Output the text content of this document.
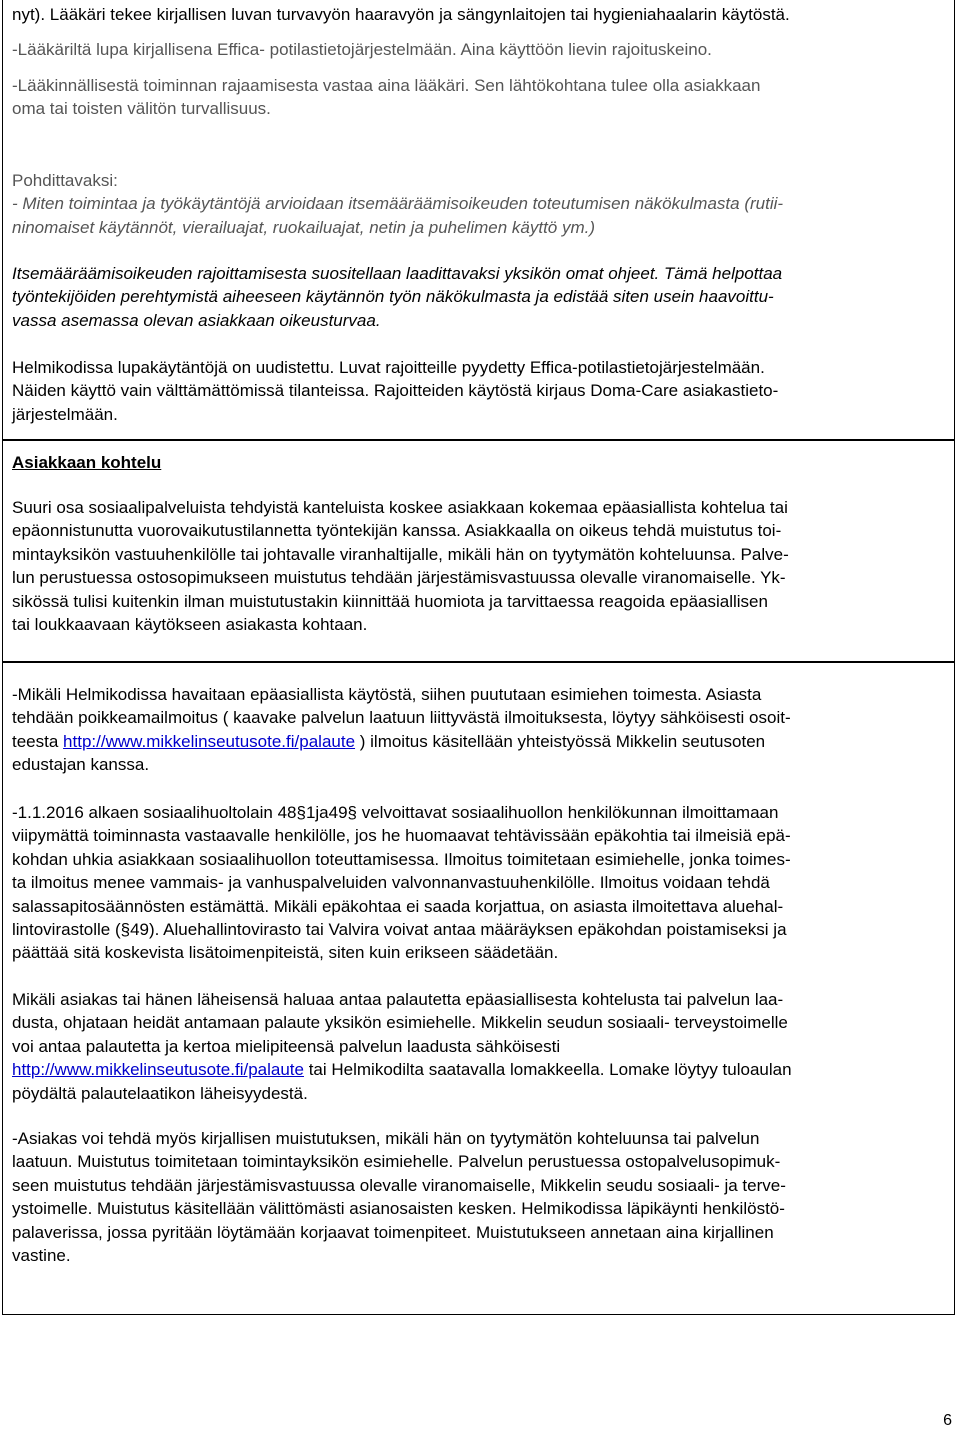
nyt). Lääkäri tekee kirjallisen luvan turvavyön haaravyön ja sängynlaitojen tai hygieniahaalarin käytöstä.
-Lääkäriltä lupa kirjallisena Effica- potilastietojärjestelmään. Aina käyttöön lievin rajoituskeino.
-Lääkinnällisestä toiminnan rajaamisesta vastaa aina lääkäri. Sen lähtökohtana tulee olla asiakkaan
oma tai toisten välitön turvallisuus.
Pohdittavaksi:
- Miten toimintaa ja työkäytäntöjä arvioidaan itsemääräämisoikeuden toteutumisen näkökulmasta (rutii-
ninomaiset käytännöt, vierailuajat, ruokailuajat, netin ja puhelimen käyttö ym.)
Itsemääräämisoikeuden rajoittamisesta suositellaan laadittavaksi yksikön omat ohjeet. Tämä helpottaa
työntekijöiden perehtymistä aiheeseen käytännön työn näkökulmasta ja edistää siten usein haavoittu-
vassa asemassa olevan asiakkaan oikeusturvaa.
Helmikodissa lupakäytäntöjä on uudistettu. Luvat rajoitteille pyydetty Effica-potilastietojärjestelmään.
Näiden käyttö vain välttämättömissä tilanteissa. Rajoitteiden käytöstä kirjaus Doma-Care asiakastieto-
järjestelmään.
Asiakkaan kohtelu
Suuri osa sosiaalipalveluista tehdyistä kanteluista koskee asiakkaan kokemaa epäasiallista kohtelua tai
epäonnistunutta vuorovaikutustilannetta työntekijän kanssa. Asiakkaalla on oikeus tehdä muistutus toi-
mintayksikön vastuuhenkilölle tai johtavalle viranhaltijalle, mikäli hän on tyytymätön kohteluunsa. Palve-
lun perustuessa ostosopimukseen muistutus tehdään järjestämisvastuussa olevalle viranomaiselle. Yk-
sikössä tulisi kuitenkin ilman muistutustakin kiinnittää huomiota ja tarvittaessa reagoida epäasiallisen
tai loukkaavaan käytökseen asiakasta kohtaan.
-Mikäli Helmikodissa havaitaan epäasiallista käytöstä, siihen puututaan esimiehen toimesta. Asiasta
tehdään poikkeamailmoitus ( kaavake palvelun laatuun liittyvästä ilmoituksesta, löytyy sähköisesti osoit-
teesta http://www.mikkelinseutusote.fi/palaute ) ilmoitus käsitellään yhteistyössä Mikkelin seutusoten
edustajan kanssa.
-1.1.2016 alkaen sosiaalihuoltolain 48§1ja49§ velvoittavat sosiaalihuollon henkilökunnan ilmoittamaan
viipymättä toiminnasta vastaavalle henkilölle, jos he huomaavat tehtävissään epäkohtia tai ilmeisiä epä-
kohdan uhkia asiakkaan sosiaalihuollon toteuttamisessa. Ilmoitus toimitetaan esimiehelle, jonka toimes-
ta ilmoitus menee vammais- ja vanhuspalveluiden valvonnanvastuuhenkilölle. Ilmoitus voidaan tehdä
salassapitosäännösten estämättä. Mikäli epäkohtaa ei saada korjattua, on asiasta ilmoitettava aluehal-
lintovirastolle (§49). Aluehallintovirasto tai Valvira voivat antaa määräyksen epäkohdan poistamiseksi ja
päättää sitä koskevista lisätoimenpiteistä, siten kuin erikseen säädetään.
Mikäli asiakas tai hänen läheisensä haluaa antaa palautetta epäasiallisesta kohtelusta tai palvelun laa-
dusta, ohjataan heidät antamaan palaute yksikön esimiehelle. Mikkelin seudun sosiaali- terveystoimelle
voi antaa palautetta ja kertoa mielipiteensä palvelun laadusta sähköisesti
http://www.mikkelinseutusote.fi/palaute tai Helmikodilta saatavalla lomakkeella. Lomake löytyy tuloaulan
pöydältä palautelaatikon läheisyydestä.
-Asiakas voi tehdä myös kirjallisen muistutuksen, mikäli hän on tyytymätön kohteluunsa tai palvelun
laatuun. Muistutus toimitetaan toimintayksikön esimiehelle. Palvelun perustuessa ostopalvelusopimuk-
seen muistutus tehdään järjestämisvastuussa olevalle viranomaiselle, Mikkelin seudu sosiaali- ja terve-
ystoimelle. Muistutus käsitellään välittömästi asianosaisten kesken. Helmikodissa läpikäynti henkilöstö-
palaverissa, jossa pyritään löytämään korjaavat toimenpiteet. Muistutukseen annetaan aina kirjallinen
vastine.
6
